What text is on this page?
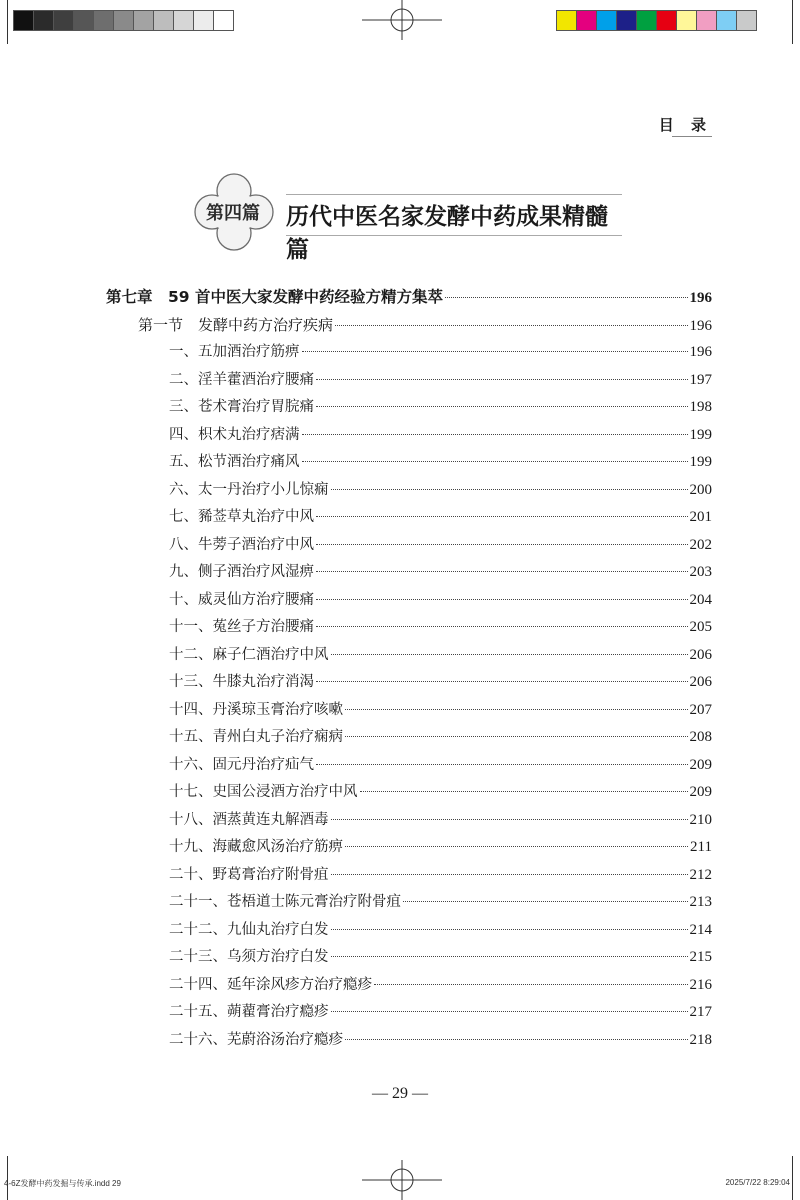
目 录
第四篇	历代中医名家发酵中药成果精髓篇
第七章　59 首中医大家发酵中药经验方精方集萃	196
第一节　发酵中药方治疗疾病	196
一、五加酒治疗筋痹	196
二、淫羊藿酒治疗腰痛	197
三、苍术膏治疗胃脘痛	198
四、枳术丸治疗痞满	199
五、松节酒治疗痛风	199
六、太一丹治疗小儿惊痫	200
七、豨莶草丸治疗中风	201
八、牛蒡子酒治疗中风	202
九、侧子酒治疗风湿痹	203
十、威灵仙方治疗腰痛	204
十一、菟丝子方治腰痛	205
十二、麻子仁酒治疗中风	206
十三、牛膝丸治疗消渴	206
十四、丹溪琼玉膏治疗咳嗽	207
十五、青州白丸子治疗痫病	208
十六、固元丹治疗疝气	209
十七、史国公浸酒方治疗中风	209
十八、酒蒸黄连丸解酒毒	210
十九、海藏愈风汤治疗筋痹	211
二十、野葛膏治疗附骨疽	212
二十一、苍梧道士陈元膏治疗附骨疽	213
二十二、九仙丸治疗白发	214
二十三、乌须方治疗白发	215
二十四、延年涂风疹方治疗瘾疹	216
二十五、蒴藋膏治疗瘾疹	217
二十六、芜蔚浴汤治疗瘾疹	218
— 29 —
4-6Z发酵中药发掘与传承.indd 29	2025/7/22 8:29:04
